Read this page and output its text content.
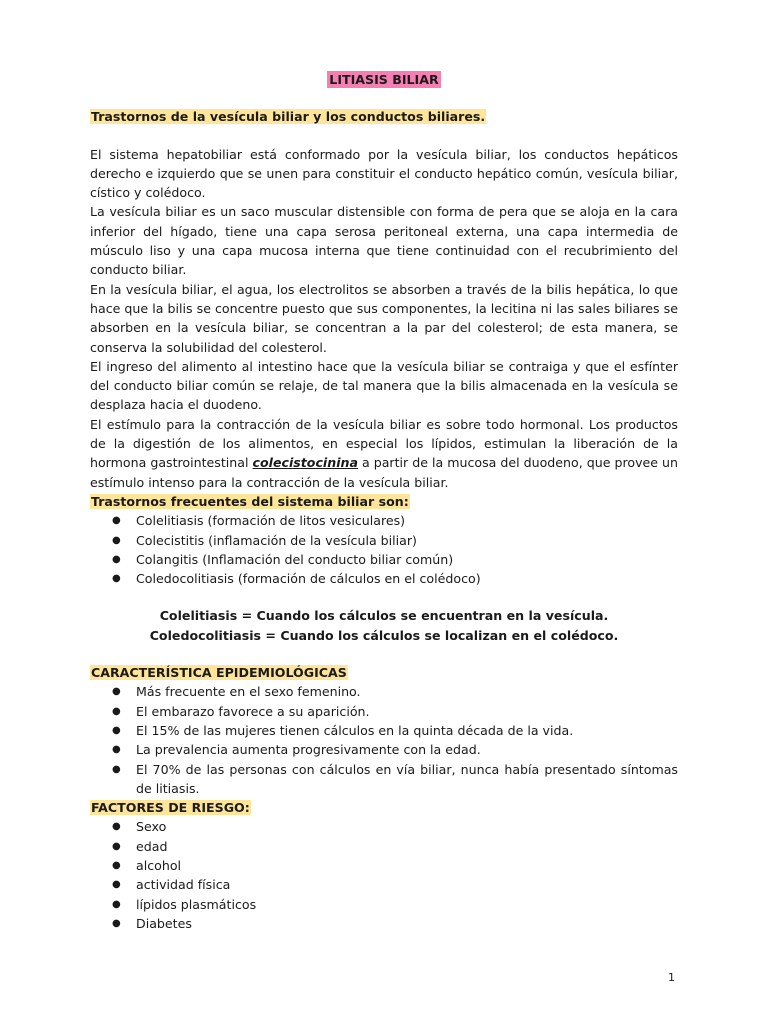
LITIASIS BILIAR
Trastornos de la vesícula biliar y los conductos biliares.

El sistema hepatobiliar está conformado por la vesícula biliar, los conductos hepáticos derecho e izquierdo que se unen para constituir el conducto hepático común, vesícula biliar, cístico y colédoco.

La vesícula biliar es un saco muscular distensible con forma de pera que se aloja en la cara inferior del hígado, tiene una capa serosa peritoneal externa, una capa intermedia de músculo liso y una capa mucosa interna que tiene continuidad con el recubrimiento del conducto biliar.

En la vesícula biliar, el agua, los electrolitos se absorben a través de la bilis hepática, lo que hace que la bilis se concentre puesto que sus componentes, la lecitina ni las sales biliares se absorben en la vesícula biliar, se concentran a la par del colesterol; de esta manera, se conserva la solubilidad del colesterol.

El ingreso del alimento al intestino hace que la vesícula biliar se contraiga y que el esfínter del conducto biliar común se relaje, de tal manera que la bilis almacenada en la vesícula se desplaza hacia el duodeno.

El estímulo para la contracción de la vesícula biliar es sobre todo hormonal. Los productos de la digestión de los alimentos, en especial los lípidos, estimulan la liberación de la hormona gastrointestinal colecistocinina a partir de la mucosa del duodeno, que provee un estímulo intenso para la contracción de la vesícula biliar.

Trastornos frecuentes del sistema biliar son:
● Colelitiasis (formación de litos vesiculares)
● Colecistitis (inflamación de la vesícula biliar)
● Colangitis (Inflamación del conducto biliar común)
● Coledocolitiasis (formación de cálculos en el colédoco)

Colelitiasis = Cuando los cálculos se encuentran en la vesícula.

Coledocolitiasis = Cuando los cálculos se localizan en el colédoco.

CARACTERÍSTICA EPIDEMIOLÓGICAS
● Más frecuente en el sexo femenino.
● El embarazo favorece a su aparición.
● El 15% de las mujeres tienen cálculos en la quinta década de la vida.
● La prevalencia aumenta progresivamente con la edad.
● El 70% de las personas con cálculos en vía biliar, nunca había presentado síntomas de litiasis.
FACTORES DE RIESGO:
● Sexo
● edad
● alcohol
● actividad física
● lípidos plasmáticos
● Diabetes
1
